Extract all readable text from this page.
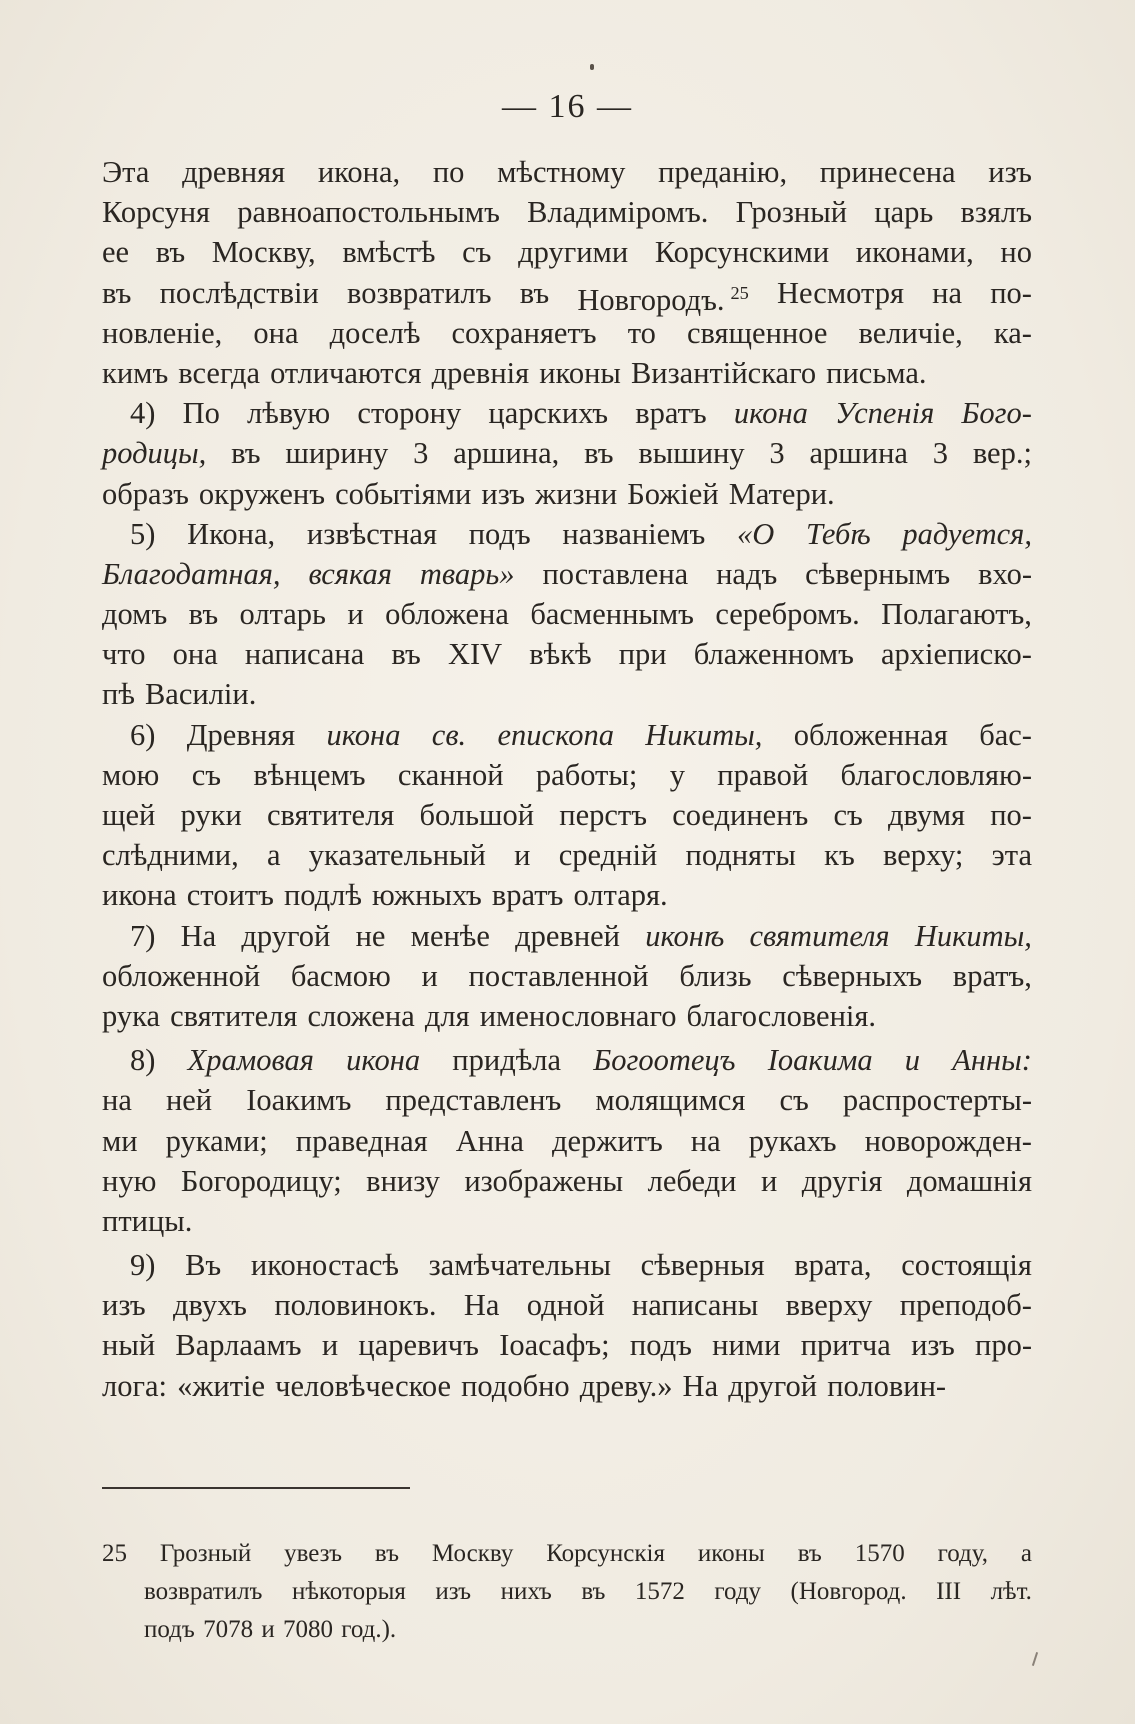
— 16 —
Эта древняя икона, по мѣстному преданію, принесена изъ
Корсуня равноапостольнымъ Владиміромъ. Грозный царь взялъ
ее въ Москву, вмѣстѣ съ другими Корсунскими иконами, но
въ послѣдствіи возвратилъ въ Новгородъ. $^{25}$ Несмотря на по-
новленіе, она доселѣ сохраняетъ то священное величіе, ка-
кимъ всегда отличаются древнія иконы Византійскаго письма.
4) По лѣвую сторону царскихъ вратъ икона Успенія Бого-
родицы, въ ширину 3 аршина, въ вышину 3 аршина 3 вер.;
образъ окруженъ событіями изъ жизни Божіей Матери.
5) Икона, извѣстная подъ названіемъ «О Тебѣ радуется,
Благодатная, всякая тварь» поставлена надъ сѣвернымъ вхо-
домъ въ олтарь и обложена басменнымъ серебромъ. Полагаютъ,
что она написана въ XIV вѣкѣ при блаженномъ архіеписко-
пѣ Василіи.
6) Древняя икона св. епископа Никиты, обложенная бас-
мою съ вѣнцемъ сканной работы; у правой благословляю-
щей руки святителя большой перстъ соединенъ съ двумя по-
слѣдними, а указательный и средній подняты къ верху; эта
икона стоитъ подлѣ южныхъ вратъ олтаря.
7) На другой не менѣе древней иконѣ святителя Никиты,
обложенной басмою и поставленной близь сѣверныхъ вратъ,
рука святителя сложена для именословнаго благословенія.
8) Храмовая икона придѣла Богоотецъ Іоакима и Анны:
на ней Іоакимъ представленъ молящимся съ распростерты-
ми руками; праведная Анна держитъ на рукахъ новорожден-
ную Богородицу; внизу изображены лебеди и другія домашнія
птицы.
9) Въ иконостасѣ замѣчательны сѣверныя врата, состоящія
изъ двухъ половинокъ. На одной написаны вверху преподоб-
ный Варлаамъ и царевичъ Іоасафъ; подъ ними притча изъ про-
лога: «житіе человѣческое подобно древу.» На другой половин-
25 Грозный увезъ въ Москву Корсунскія иконы въ 1570 году, а
возвратилъ нѣкоторыя изъ нихъ въ 1572 году (Новгород. III лѣт.
подъ 7078 и 7080 год.).
